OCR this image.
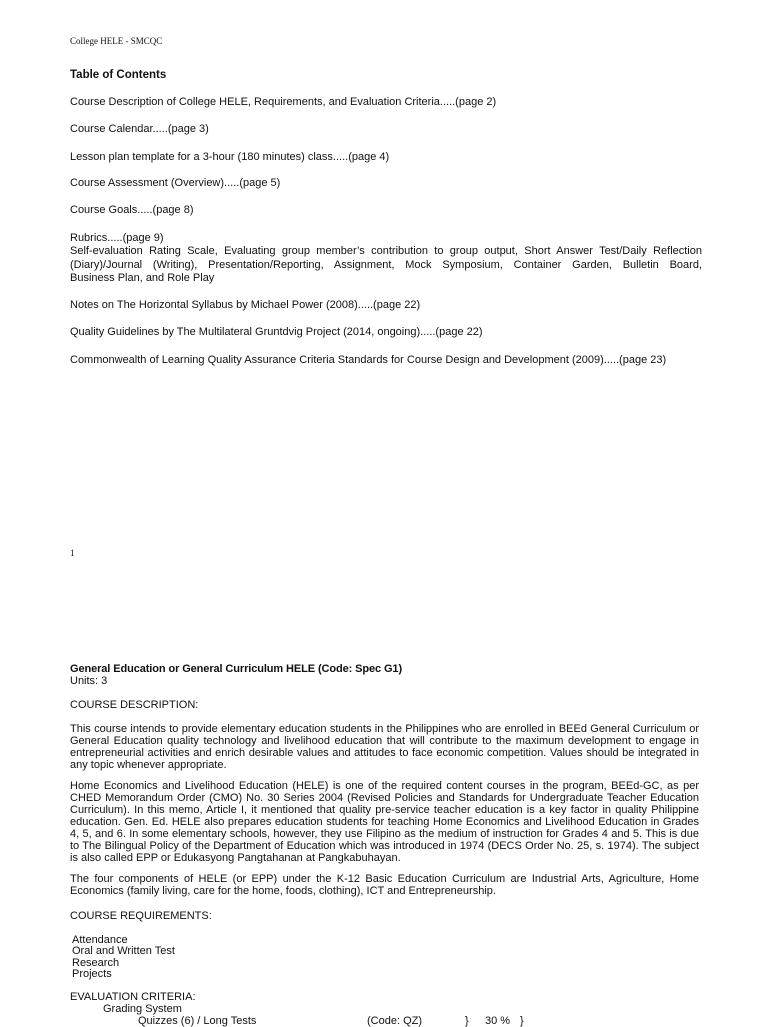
College HELE - SMCQC
Table of Contents
Course Description of College HELE, Requirements, and Evaluation Criteria.....(page 2)
Course Calendar.....(page 3)
Lesson plan template for a 3-hour (180 minutes) class.....(page 4)
Course Assessment (Overview).....(page 5)
Course Goals.....(page 8)
Rubrics.....(page 9)
Self-evaluation Rating Scale, Evaluating group member’s contribution to group output, Short Answer Test/Daily Reflection
(Diary)/Journal (Writing), Presentation/Reporting, Assignment, Mock Symposium, Container Garden, Bulletin Board,
Business Plan, and Role Play
Notes on The Horizontal Syllabus by Michael Power (2008).....(page 22)
Quality Guidelines by The Multilateral Gruntdvig Project (2014, ongoing).....(page 22)
Commonwealth of Learning Quality Assurance Criteria Standards for Course Design and Development (2009).....(page 23)
1
General Education or General Curriculum HELE (Code: Spec G1)
Units: 3
COURSE DESCRIPTION:
This course intends to provide elementary education students in the Philippines who are enrolled in BEEd General Curriculum or General Education quality technology and livelihood education that will contribute to the maximum development to engage in entrepreneurial activities and enrich desirable values and attitudes to face economic competition. Values should be integrated in any topic whenever appropriate.
Home Economics and Livelihood Education (HELE) is one of the required content courses in the program, BEEd-GC, as per CHED Memorandum Order (CMO) No. 30 Series 2004 (Revised Policies and Standards for Undergraduate Teacher Education Curriculum). In this memo, Article I, it mentioned that quality pre-service teacher education is a key factor in quality Philippine education. Gen. Ed. HELE also prepares education students for teaching Home Economics and Livelihood Education in Grades 4, 5, and 6. In some elementary schools, however, they use Filipino as the medium of instruction for Grades 4 and 5. This is due to The Bilingual Policy of the Department of Education which was introduced in 1974 (DECS Order No. 25, s. 1974). The subject is also called EPP or Edukasyong Pangtahanan at Pangkabuhayan.
The four components of HELE (or EPP) under the K-12 Basic Education Curriculum are Industrial Arts, Agriculture, Home Economics (family living, care for the home, foods, clothing), ICT and Entrepreneurship.
COURSE REQUIREMENTS:
Attendance
Oral and Written Test
Research
Projects
EVALUATION CRITERIA:
Grading System
Quizzes (6) / Long Tests	(Code: QZ)	} 30 % }
